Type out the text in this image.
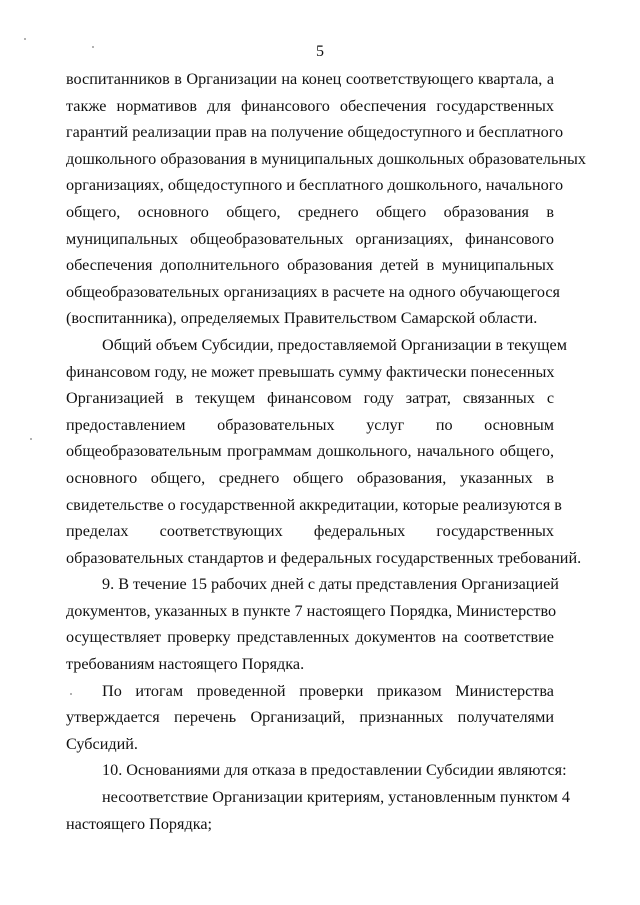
5
воспитанников в Организации на конец соответствующего квартала, а
также нормативов для финансового обеспечения государственных
гарантий реализации прав на получение общедоступного и бесплатного
дошкольного образования в муниципальных дошкольных образовательных
организациях, общедоступного и бесплатного дошкольного, начального
общего, основного общего, среднего общего образования в
муниципальных общеобразовательных организациях, финансового
обеспечения дополнительного образования детей в муниципальных
общеобразовательных организациях в расчете на одного обучающегося
(воспитанника), определяемых Правительством Самарской области.
Общий объем Субсидии, предоставляемой Организации в текущем
финансовом году, не может превышать сумму фактически понесенных
Организацией в текущем финансовом году затрат, связанных с
предоставлением образовательных услуг по основным
общеобразовательным программам дошкольного, начального общего,
основного общего, среднего общего образования, указанных в
свидетельстве о государственной аккредитации, которые реализуются в
пределах соответствующих федеральных государственных
образовательных стандартов и федеральных государственных требований.
9. В течение 15 рабочих дней с даты представления Организацией
документов, указанных в пункте 7 настоящего Порядка, Министерство
осуществляет проверку представленных документов на соответствие
требованиям настоящего Порядка.
По итогам проведенной проверки приказом Министерства
утверждается перечень Организаций, признанных получателями
Субсидий.
10. Основаниями для отказа в предоставлении Субсидии являются:
несоответствие Организации критериям, установленным пунктом 4
настоящего Порядка;
